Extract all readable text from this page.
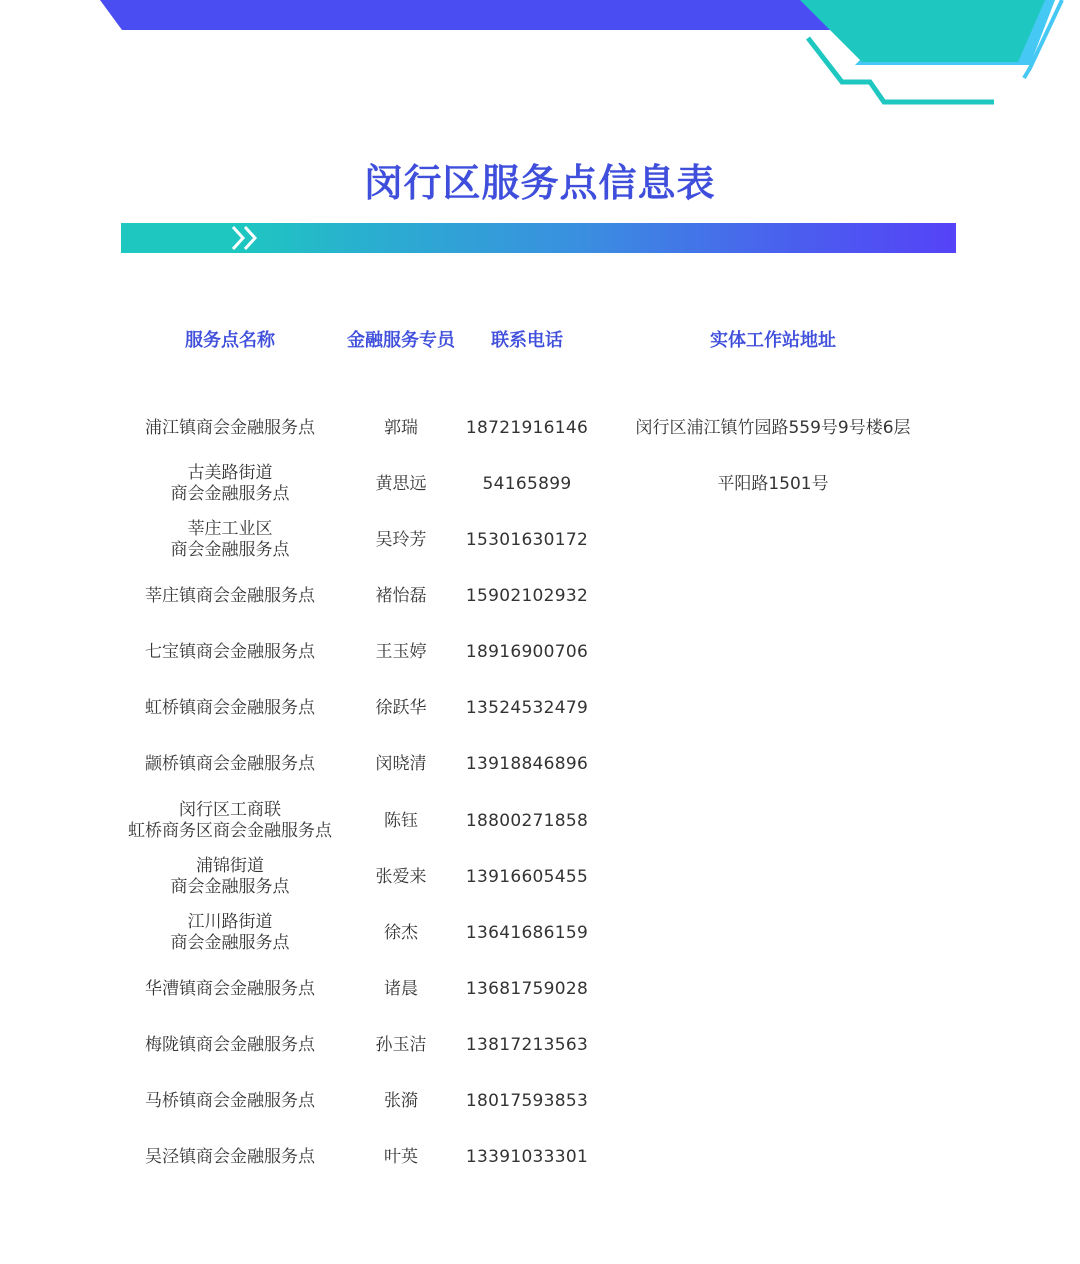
闵行区服务点信息表
服务点名称	金融服务专员	联系电话	实体工作站地址
浦江镇商会金融服务点	郭瑞	18721916146	闵行区浦江镇竹园路559号9号楼6层
古美路街道
商会金融服务点
黄思远	54165899	平阳路1501号
莘庄工业区
商会金融服务点
吴玲芳	15301630172
莘庄镇商会金融服务点	褚怡磊	15902102932
七宝镇商会金融服务点	王玉婷	18916900706
虹桥镇商会金融服务点	徐跃华	13524532479
颛桥镇商会金融服务点	闵晓清	13918846896
闵行区工商联
虹桥商务区商会金融服务点
陈钰	18800271858
浦锦街道
商会金融服务点
张爱来	13916605455
江川路街道
商会金融服务点
徐杰	13641686159
华漕镇商会金融服务点	诸晨	13681759028
梅陇镇商会金融服务点	孙玉洁	13817213563
马桥镇商会金融服务点	张漪	18017593853
吴泾镇商会金融服务点	叶英	13391033301
